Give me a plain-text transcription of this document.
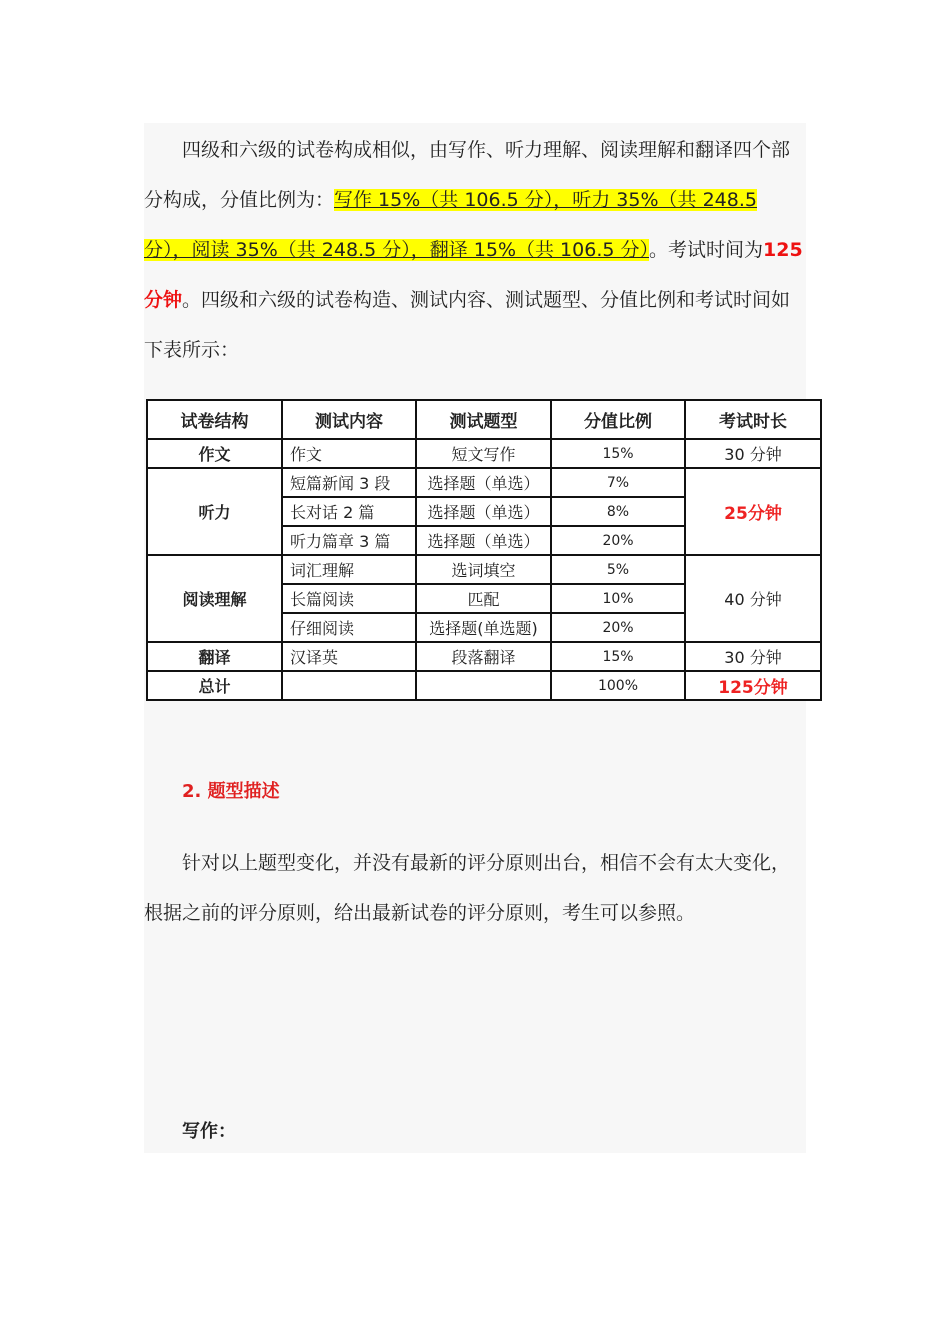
四级和六级的试卷构成相似，由写作、听力理解、阅读理解和翻译四个部分构成，分值比例为：写作 15%（共 106.5 分），听力 35%（共 248.5 分），阅读 35%（共 248.5 分），翻译 15%（共 106.5 分）。考试时间为125 分钟。四级和六级的试卷构造、测试内容、测试题型、分值比例和考试时间如下表所示：
试卷结构	测试内容	测试题型	分值比例	考试时长
作文	作文	短文写作	15%	30 分钟
听力	短篇新闻 3 段	选择题（单选）	7%	25分钟
	长对话 2 篇	选择题（单选）	8%	
	听力篇章 3 篇	选择题（单选）	20%	
阅读理解	词汇理解	选词填空	5%	40 分钟
	长篇阅读	匹配	10%	
	仔细阅读	选择题(单选题)	20%	
翻译	汉译英	段落翻译	15%	30 分钟
总计			100%	125分钟
2. 题型描述
针对以上题型变化，并没有最新的评分原则出台，相信不会有太大变化，根据之前的评分原则，给出最新试卷的评分原则，考生可以参照。
写作：
